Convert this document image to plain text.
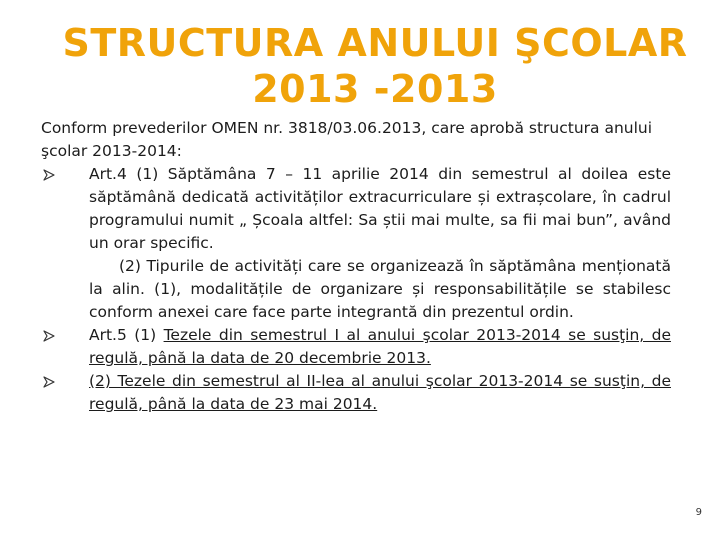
STRUCTURA ANULUI ŞCOLAR
2013 -2013

Conform prevederilor OMEN nr. 3818/03.06.2013, care aprobă structura anului şcolar 2013-2014:

Art.4 (1) Săptămâna 7 – 11 aprilie 2014 din semestrul al doilea este săptămână dedicată activităților extracurriculare și extrașcolare, în cadrul programului numit „ Școala altfel: Sa știi mai multe, sa fii mai bun”, având un orar specific.
(2) Tipurile de activități care se organizează în săptămâna menționată la alin. (1), modalitățile de organizare și responsabilitățile se stabilesc conform anexei care face parte integrantă din prezentul ordin.
Art.5 (1) Tezele din semestrul I al anului şcolar 2013-2014 se susţin, de regulă, până la data de 20 decembrie 2013.
(2) Tezele din semestrul al II-lea al anului şcolar 2013-2014 se susţin, de regulă, până la data de 23 mai 2014.
9
